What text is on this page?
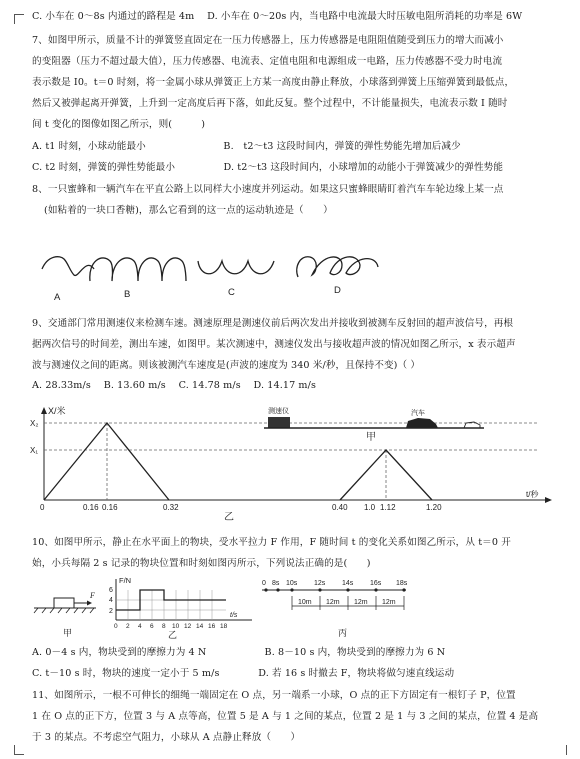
C. 小车在 0～8s 内通过的路程是 4m　 D. 小车在 0～20s 内，当电路中电流最大时压敏电阻所消耗的功率是 6W
7、如图甲所示，质量不计的弹簧竖直固定在一压力传感器上，压力传感器是电阻阻值随受到压力的增大而减小
的变阻器（压力不超过最大值），压力传感器、电流表、定值电阻和电源组成一电路，压力传感器不受力时电流
表示数是 I0。t＝0 时刻，将一金属小球从弹簧正上方某一高度由静止释放，小球落到弹簧上压缩弹簧到最低点，
然后又被弹起离开弹簧，上升到一定高度后再下落，如此反复。整个过程中，不计能量损失，电流表示数 I 随时
间 t 变化的图像如图乙所示，则(　　　)
A. t1 时刻，小球动能最小　　　　　　　　B.　t2～t3 这段时间内，弹簧的弹性势能先增加后减少
C. t2 时刻，弹簧的弹性势能最小　　　　　D. t2～t3 这段时间内，小球增加的动能小于弹簧减少的弹性势能
8、一只蜜蜂和一辆汽车在平直公路上以同样大小速度并列运动。如果这只蜜蜂眼睛盯着汽车车轮边缘上某一点
(如粘着的一块口香糖)，那么它看到的这一点的运动轨迹是（　　）
A	B	C	D
9、交通部门常用测速仪来检测车速。测速原理是测速仪前后两次发出并接收到被测车反射回的超声波信号，再根
据两次信号的时间差，测出车速，如图甲。某次测速中，测速仪发出与接收超声波的情况如图乙所示，x 表示超声
波与测速仪之间的距离。则该被测汽车速度是(声波的速度为 340 米/秒，且保持不变)（ ）
A. 28.33m/s　 B. 13.60 m/s　 C. 14.78 m/s　 D. 14.17 m/s
X/米
X₂
X₁
0	0.16 0.16	0.32	0.40 1.0 1.12	1.20
t/秒
乙
甲
测速仪	汽车
10、如图甲所示，静止在水平面上的物块，受水平拉力 F 作用，F 随时间 t 的变化关系如图乙所示，从 t＝0 开
始，小兵每隔 2 s 记录的物块位置和时刻如图丙所示，下列说法正确的是(　　)
F
甲
F/N
6
4
2
0 2 4 6 8 10 12 14 16 18
t/s
乙
0 8s 10s 12s 14s 16s 18s
10m 12m 12m 12m
丙
A. 0－4 s 内，物块受到的摩擦力为 4 N　　　　　　B. 8－10 s 内，物块受到的摩擦力为 6 N
C. t－10 s 时，物块的速度一定小于 5 m/s　　　　D. 若 16 s 时撤去 F，物块将做匀速直线运动
11、如图所示，一根不可伸长的细绳一端固定在 O 点，另一端系一小球，O 点的正下方固定有一根钉子 P，位置
1 在 O 点的正下方，位置 3 与 A 点等高，位置 5 是 A 与 1 之间的某点，位置 2 是 1 与 3 之间的某点，位置 4 是高
于 3 的某点。不考虑空气阻力，小球从 A 点静止释放（　　）
